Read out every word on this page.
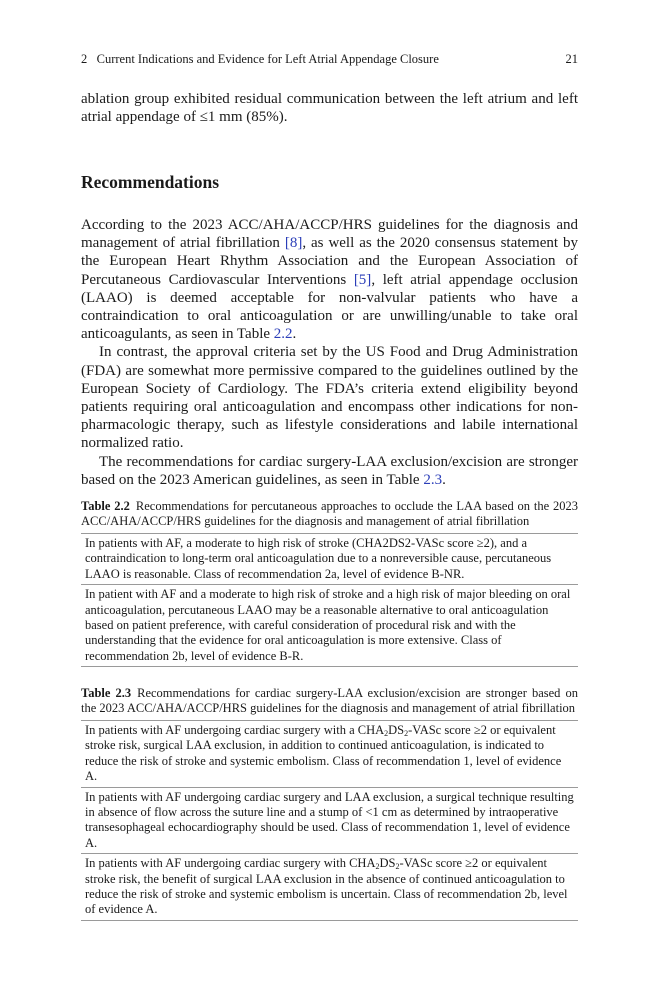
2   Current Indications and Evidence for Left Atrial Appendage Closure	21

ablation group exhibited residual communication between the left atrium and left atrial appendage of ≤1 mm (85%).

Recommendations

According to the 2023 ACC/AHA/ACCP/HRS guidelines for the diagnosis and management of atrial fibrillation [8], as well as the 2020 consensus statement by the European Heart Rhythm Association and the European Association of Percutaneous Cardiovascular Interventions [5], left atrial appendage occlusion (LAAO) is deemed acceptable for non-valvular patients who have a contraindication to oral anticoagulation or are unwilling/unable to take oral anticoagulants, as seen in Table 2.2.

In contrast, the approval criteria set by the US Food and Drug Administration (FDA) are somewhat more permissive compared to the guidelines outlined by the European Society of Cardiology. The FDA’s criteria extend eligibility beyond patients requiring oral anticoagulation and encompass other indications for non-pharmacologic therapy, such as lifestyle considerations and labile international normalized ratio.

The recommendations for cardiac surgery-LAA exclusion/excision are stronger based on the 2023 American guidelines, as seen in Table 2.3.

Table 2.2 Recommendations for percutaneous approaches to occlude the LAA based on the 2023 ACC/AHA/ACCP/HRS guidelines for the diagnosis and management of atrial fibrillation

In patients with AF, a moderate to high risk of stroke (CHA2DS2-VASc score ≥2), and a contraindication to long-term oral anticoagulation due to a nonreversible cause, percutaneous LAAO is reasonable. Class of recommendation 2a, level of evidence B-NR.
In patient with AF and a moderate to high risk of stroke and a high risk of major bleeding on oral anticoagulation, percutaneous LAAO may be a reasonable alternative to oral anticoagulation based on patient preference, with careful consideration of procedural risk and with the understanding that the evidence for oral anticoagulation is more extensive. Class of recommendation 2b, level of evidence B-R.

Table 2.3 Recommendations for cardiac surgery-LAA exclusion/excision are stronger based on the 2023 ACC/AHA/ACCP/HRS guidelines for the diagnosis and management of atrial fibrillation

In patients with AF undergoing cardiac surgery with a $CHA_2DS_2$-VASc score ≥2 or equivalent stroke risk, surgical LAA exclusion, in addition to continued anticoagulation, is indicated to reduce the risk of stroke and systemic embolism. Class of recommendation 1, level of evidence A.
In patients with AF undergoing cardiac surgery and LAA exclusion, a surgical technique resulting in absence of flow across the suture line and a stump of <1 cm as determined by intraoperative transesophageal echocardiography should be used. Class of recommendation 1, level of evidence A.
In patients with AF undergoing cardiac surgery with $CHA_2DS_2$-VASc score ≥2 or equivalent stroke risk, the benefit of surgical LAA exclusion in the absence of continued anticoagulation to reduce the risk of stroke and systemic embolism is uncertain. Class of recommendation 2b, level of evidence A.
